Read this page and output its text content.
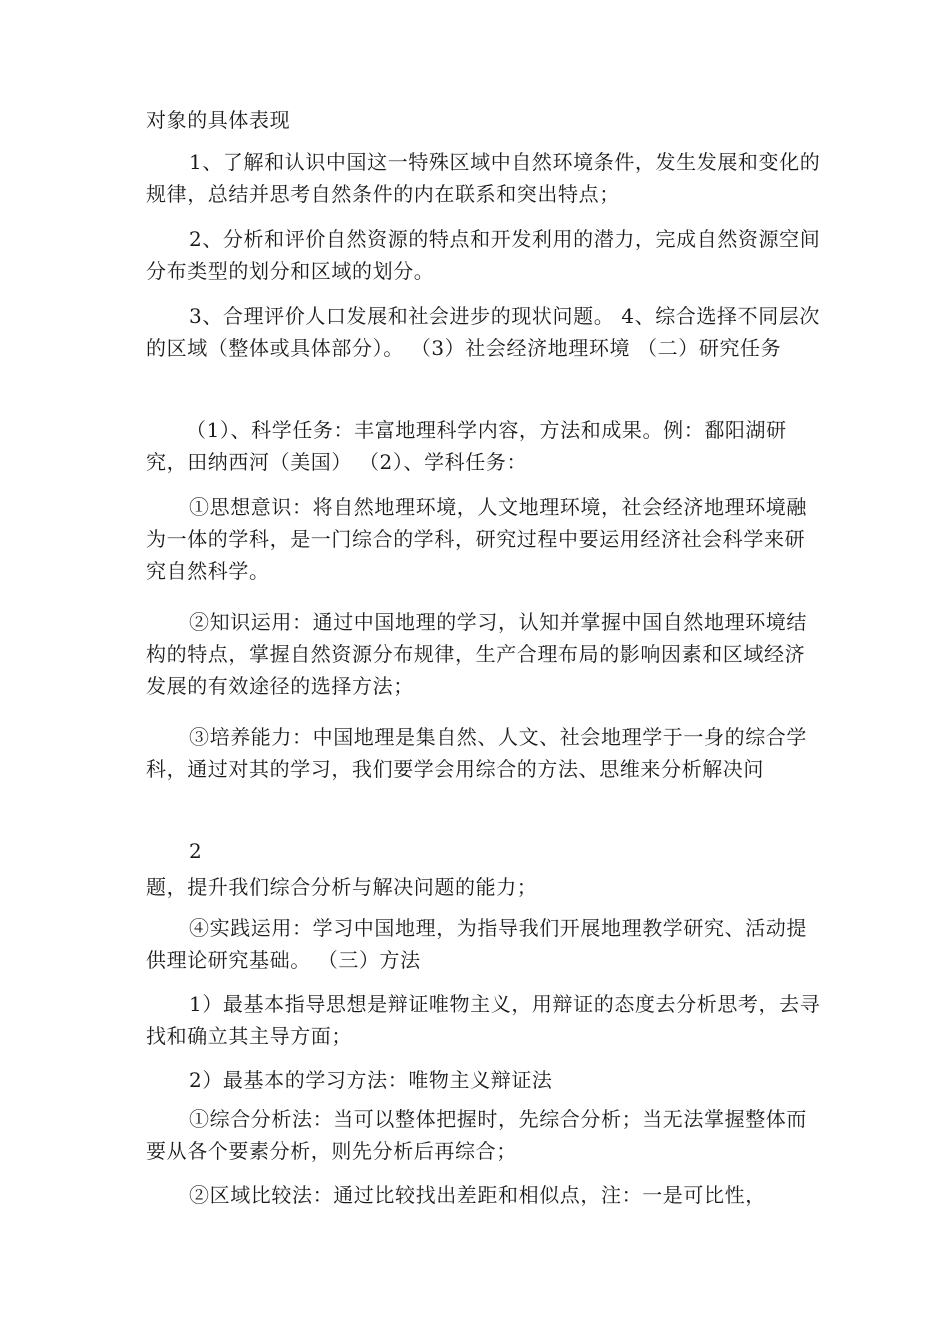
对象的具体表现

1、了解和认识中国这一特殊区域中自然环境条件，发生发展和变化的规律，总结并思考自然条件的内在联系和突出特点；

2、分析和评价自然资源的特点和开发利用的潜力，完成自然资源空间分布类型的划分和区域的划分。

3、合理评价人口发展和社会进步的现状问题。 4、综合选择不同层次的区域（整体或具体部分）。 （3）社会经济地理环境 （二）研究任务

（1）、科学任务：丰富地理科学内容，方法和成果。例：鄱阳湖研究，田纳西河（美国） （2）、学科任务：

①思想意识：将自然地理环境，人文地理环境，社会经济地理环境融为一体的学科，是一门综合的学科，研究过程中要运用经济社会科学来研究自然科学。

②知识运用：通过中国地理的学习，认知并掌握中国自然地理环境结构的特点，掌握自然资源分布规律，生产合理布局的影响因素和区域经济发展的有效途径的选择方法；

③培养能力：中国地理是集自然、人文、社会地理学于一身的综合学科，通过对其的学习，我们要学会用综合的方法、思维来分析解决问

2

题，提升我们综合分析与解决问题的能力；

④实践运用：学习中国地理，为指导我们开展地理教学研究、活动提供理论研究基础。 （三）方法

1）最基本指导思想是辩证唯物主义，用辩证的态度去分析思考，去寻找和确立其主导方面；

2）最基本的学习方法：唯物主义辩证法

①综合分析法：当可以整体把握时，先综合分析；当无法掌握整体而要从各个要素分析，则先分析后再综合；

②区域比较法：通过比较找出差距和相似点，注：一是可比性，
